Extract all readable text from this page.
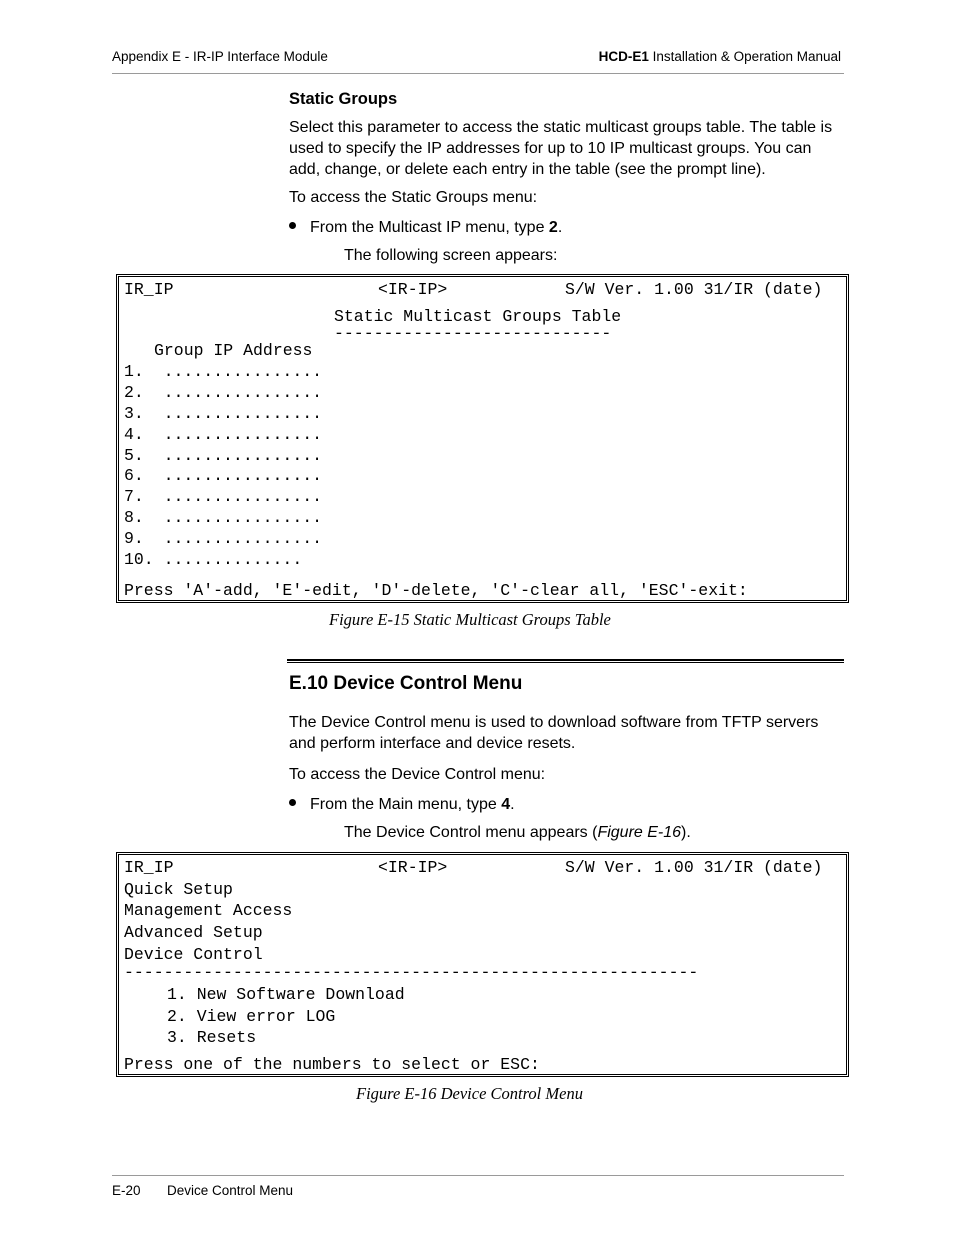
Appendix E - IR-IP Interface Module	HCD-E1 Installation & Operation Manual
Static Groups
Select this parameter to access the static multicast groups table. The table is used to specify the IP addresses for up to 10 IP multicast groups. You can add, change, or delete each entry in the table (see the prompt line).
To access the Static Groups menu:
From the Multicast IP menu, type 2.
The following screen appears:
IR_IP	<IR-IP>	S/W Ver. 1.00 31/IR (date)
Static Multicast Groups Table
----------------------------
Group IP Address
1.  ................
2.  ................
3.  ................
4.  ................
5.  ................
6.  ................
7.  ................
8.  ................
9.  ................
10. ..............
Press 'A'-add, 'E'-edit, 'D'-delete, 'C'-clear all, 'ESC'-exit:
Figure E-15 Static Multicast Groups Table
E.10 Device Control Menu
The Device Control menu is used to download software from TFTP servers and perform interface and device resets.
To access the Device Control menu:
From the Main menu, type 4.
The Device Control menu appears (Figure E-16).
IR_IP	<IR-IP>	S/W Ver. 1.00 31/IR (date)
Quick Setup
Management Access
Advanced Setup
Device Control
----------------------------------------------------------
1. New Software Download
2. View error LOG
3. Resets
Press one of the numbers to select or ESC:
Figure E-16 Device Control Menu
E-20 Device Control Menu
